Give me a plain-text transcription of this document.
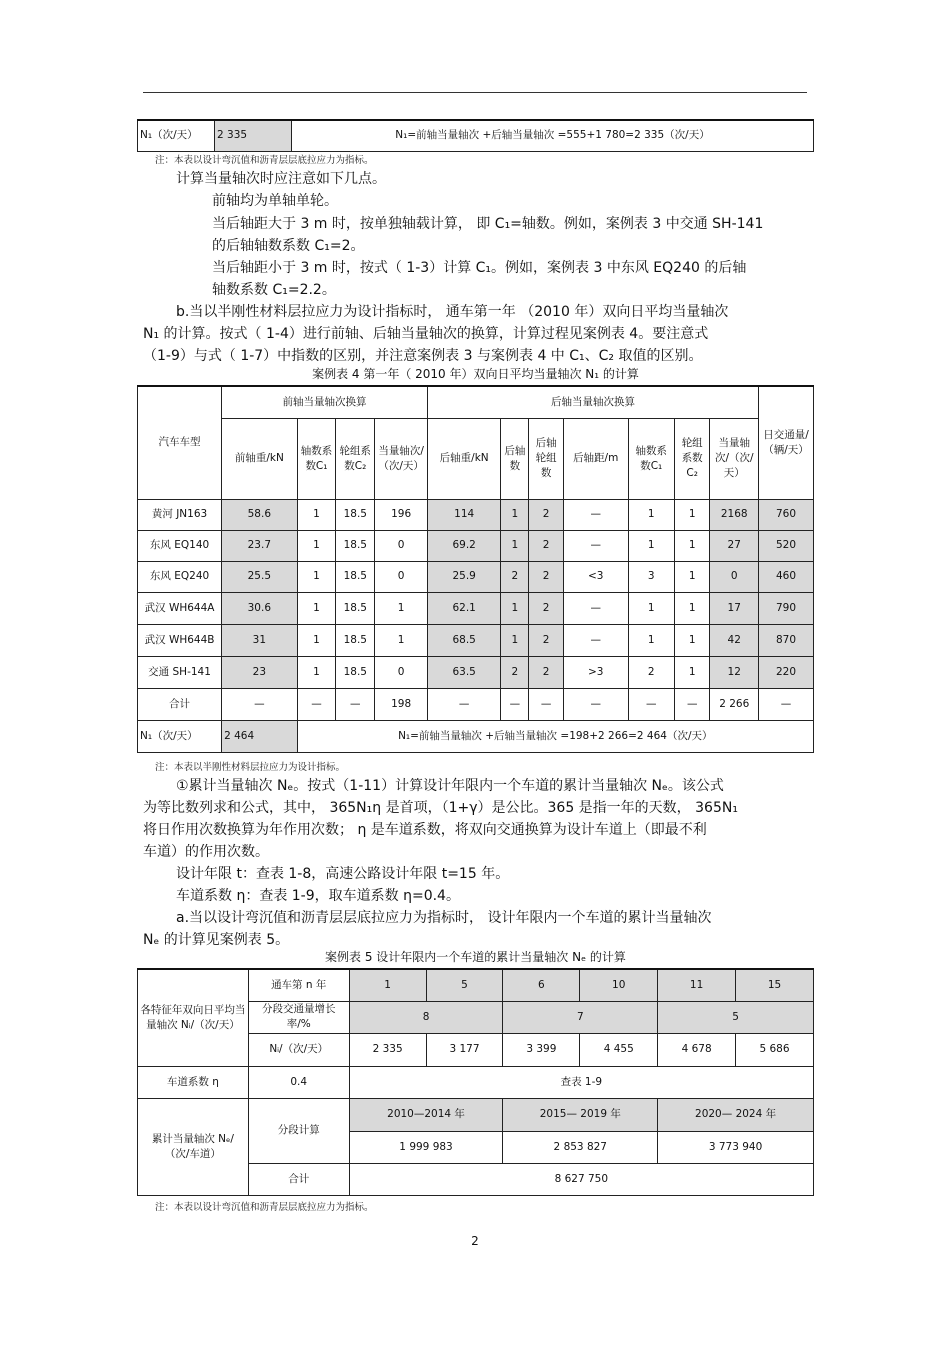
N₁（次/天）	2 335	N₁=前轴当量轴次 +后轴当量轴次 =555+1 780=2 335（次/天）
注：本表以设计弯沉值和沥青层层底拉应力为指标。
计算当量轴次时应注意如下几点。
前轴均为单轴单轮。
当后轴距大于 3 m 时，按单独轴载计算， 即 C₁=轴数。例如，案例表 3 中交通 SH-141
的后轴轴数系数 C₁=2。
当后轴距小于 3 m 时，按式（ 1-3）计算 C₁。例如，案例表 3 中东风 EQ240 的后轴
轴数系数 C₁=2.2。
b.当以半刚性材料层拉应力为设计指标时， 通车第一年 （2010 年）双向日平均当量轴次
N₁ 的计算。按式（ 1-4）进行前轴、后轴当量轴次的换算，计算过程见案例表 4。要注意式
（1-9）与式（ 1-7）中指数的区别，并注意案例表 3 与案例表 4 中 C₁、C₂ 取值的区别。
案例表 4 第一年（ 2010 年）双向日平均当量轴次 N₁ 的计算
汽车车型	前轴当量轴次换算				后轴当量轴次换算							日交通量/（辆/天）
	前轴重/kN	轴数系数C₁	轮组系数C₂	当量轴次/（次/天）	后轴重/kN	后轴数	后轴轮组数	后轴距/m	轴数系数C₁	轮组系数C₂	当量轴次/（次/天）	
黄河 JN163	58.6	1	18.5	196	114	1	2	—	1	1	2168	760
东风 EQ140	23.7	1	18.5	0	69.2	1	2	—	1	1	27	520
东风 EQ240	25.5	1	18.5	0	25.9	2	2	<3	3	1	0	460
武汉 WH644A	30.6	1	18.5	1	62.1	1	2	—	1	1	17	790
武汉 WH644B	31	1	18.5	1	68.5	1	2	—	1	1	42	870
交通 SH-141	23	1	18.5	0	63.5	2	2	>3	2	1	12	220
合计	—	—	—	198	—	—	—	—	—	—	2 266	—
N₁（次/天）	2 464	N₁=前轴当量轴次 +后轴当量轴次 =198+2 266=2 464（次/天）										
注：本表以半刚性材料层拉应力为设计指标。
①累计当量轴次 Nₑ。按式（1-11）计算设计年限内一个车道的累计当量轴次 Nₑ。该公式
为等比数列求和公式，其中， 365N₁η 是首项，（1+γ）是公比。365 是指一年的天数， 365N₁
将日作用次数换算为年作用次数； η 是车道系数，将双向交通换算为设计车道上（即最不利
车道）的作用次数。
设计年限 t：查表 1-8，高速公路设计年限 t=15 年。
车道系数 η：查表 1-9，取车道系数 η=0.4。
a.当以设计弯沉值和沥青层层底拉应力为指标时， 设计年限内一个车道的累计当量轴次
Nₑ 的计算见案例表 5。
案例表 5 设计年限内一个车道的累计当量轴次 Nₑ 的计算
各特征年双向日平均当量轴次 Nᵢ/（次/天）	通车第 n 年	1	5	6	10	11	15
	分段交通量增长率/%	8		7		5	
	Nᵢ/（次/天）	2 335	3 177	3 399	4 455	4 678	5 686
车道系数 η	0.4	查表 1-9					
累计当量轴次 Nₑ/（次/车道）	分段计算	2010—2014 年		2015— 2019 年		2020— 2024 年	
		1 999 983		2 853 827		3 773 940	
	合计	8 627 750					
注：本表以设计弯沉值和沥青层层底拉应力为指标。
2
